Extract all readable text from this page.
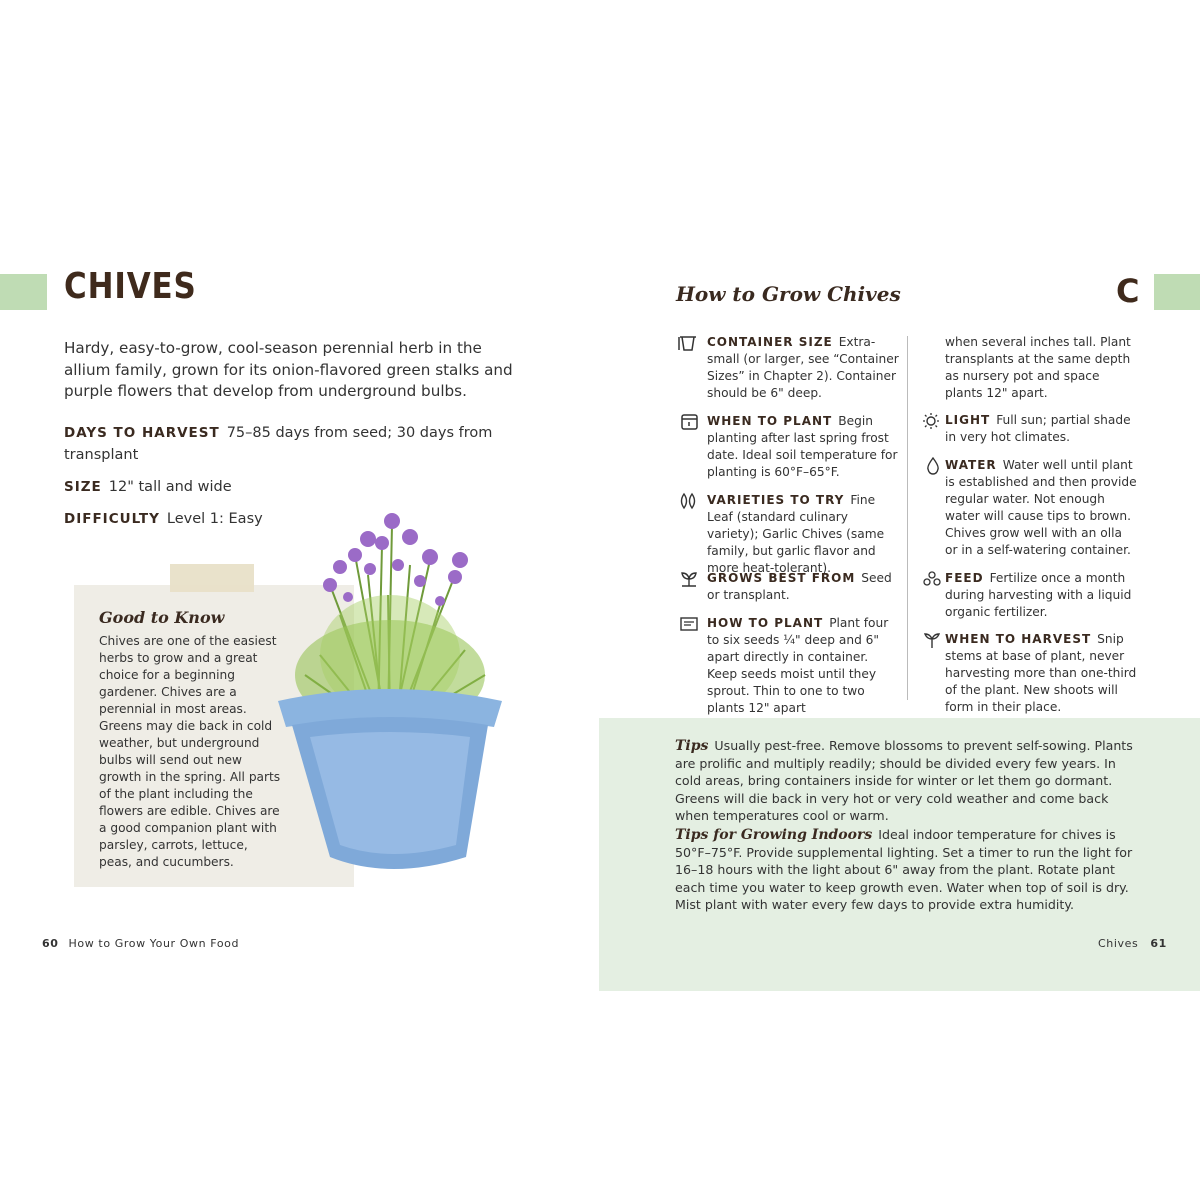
CHIVES
Hardy, easy-to-grow, cool-season perennial herb in the allium family, grown for its onion-flavored green stalks and purple flowers that develop from underground bulbs.
DAYS TO HARVEST 75–85 days from seed; 30 days from transplant
SIZE 12" tall and wide
DIFFICULTY Level 1: Easy
Good to Know
Chives are one of the easiest herbs to grow and a great choice for a beginning gardener. Chives are a perennial in most areas. Greens may die back in cold weather, but underground bulbs will send out new growth in the spring. All parts of the plant including the flowers are edible. Chives are a good companion plant with parsley, carrots, lettuce, peas, and cucumbers.
60 How to Grow Your Own Food
C
How to Grow Chives
CONTAINER SIZE Extra-small (or larger, see “Container Sizes” in Chapter 2). Container should be 6" deep.
WHEN TO PLANT Begin planting after last spring frost date. Ideal soil temperature for planting is 60°F–65°F.
VARIETIES TO TRY Fine Leaf (standard culinary variety); Garlic Chives (same family, but garlic flavor and more heat-tolerant).
GROWS BEST FROM Seed or transplant.
HOW TO PLANT Plant four to six seeds ¼" deep and 6" apart directly in container. Keep seeds moist until they sprout. Thin to one to two plants 12" apart
when several inches tall. Plant transplants at the same depth as nursery pot and space plants 12" apart.
LIGHT Full sun; partial shade in very hot climates.
WATER Water well until plant is established and then provide regular water. Not enough water will cause tips to brown. Chives grow well with an olla or in a self-watering container.
FEED Fertilize once a month during harvesting with a liquid organic fertilizer.
WHEN TO HARVEST Snip stems at base of plant, never harvesting more than one-third of the plant. New shoots will form in their place.
Tips Usually pest-free. Remove blossoms to prevent self-sowing. Plants are prolific and multiply readily; should be divided every few years. In cold areas, bring containers inside for winter or let them go dormant. Greens will die back in very hot or very cold weather and come back when temperatures cool or warm.
Tips for Growing Indoors Ideal indoor temperature for chives is 50°F–75°F. Provide supplemental lighting. Set a timer to run the light for 16–18 hours with the light about 6" away from the plant. Rotate plant each time you water to keep growth even. Water when top of soil is dry. Mist plant with water every few days to provide extra humidity.
Chives 61
